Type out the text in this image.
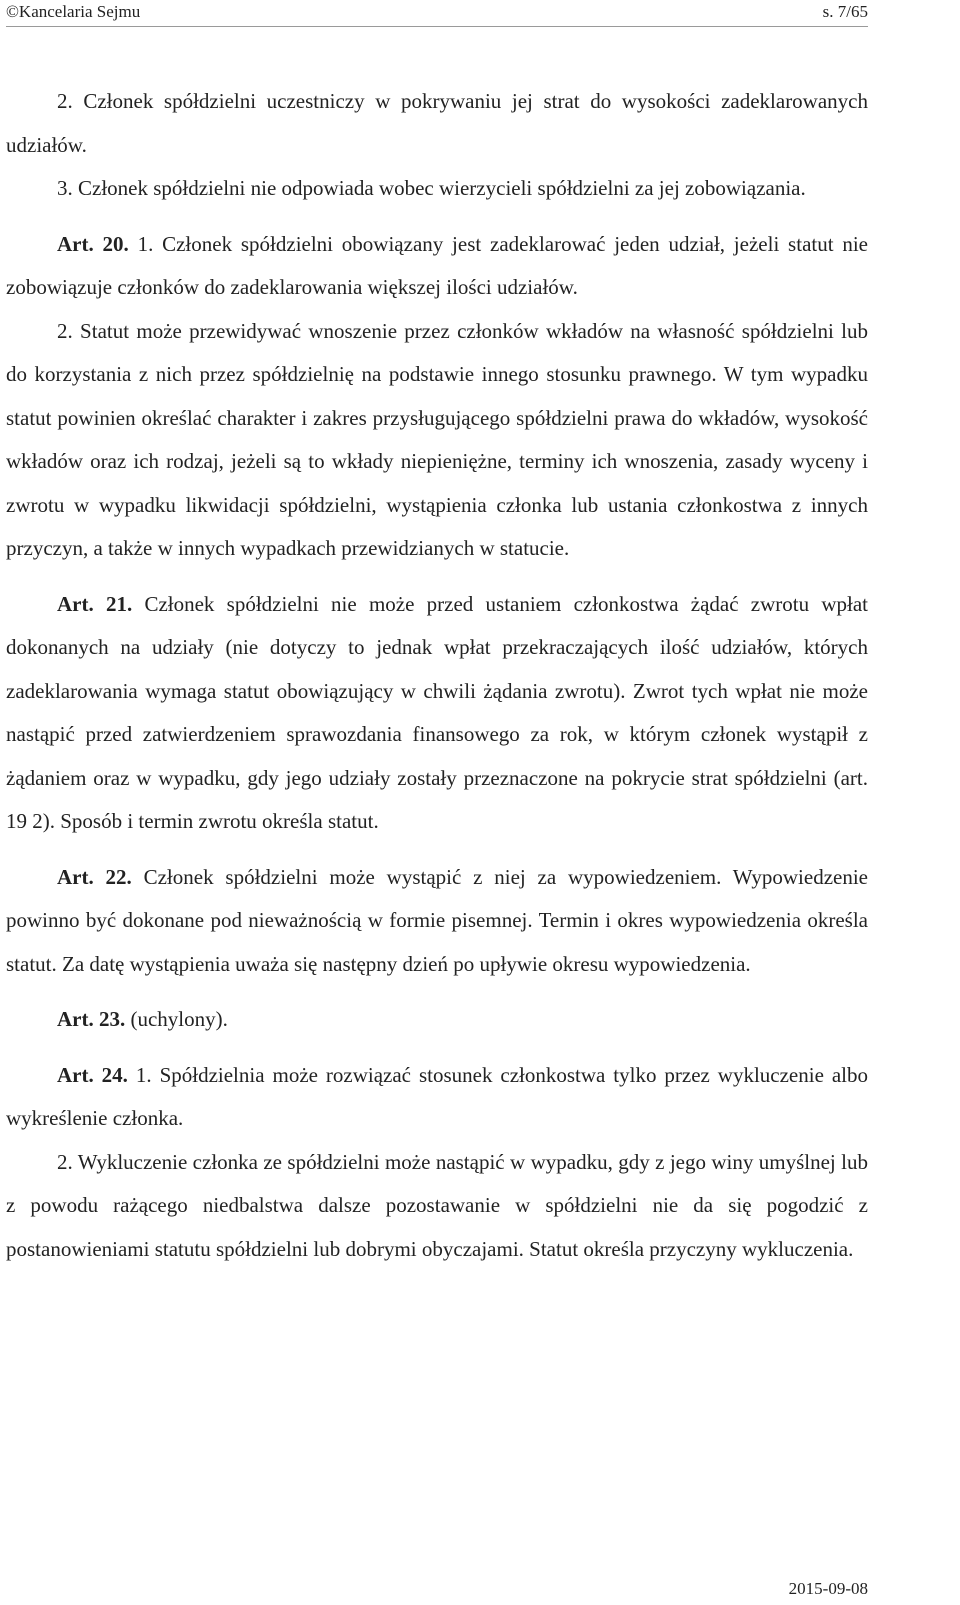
©Kancelaria Sejmu	s. 7/65

2. Członek spółdzielni uczestniczy w pokrywaniu jej strat do wysokości zadeklarowanych udziałów.

3. Członek spółdzielni nie odpowiada wobec wierzycieli spółdzielni za jej zobowiązania.

Art. 20. 1. Członek spółdzielni obowiązany jest zadeklarować jeden udział, jeżeli statut nie zobowiązuje członków do zadeklarowania większej ilości udziałów.

2. Statut może przewidywać wnoszenie przez członków wkładów na własność spółdzielni lub do korzystania z nich przez spółdzielnię na podstawie innego stosunku prawnego. W tym wypadku statut powinien określać charakter i zakres przysługującego spółdzielni prawa do wkładów, wysokość wkładów oraz ich rodzaj, jeżeli są to wkłady niepieniężne, terminy ich wnoszenia, zasady wyceny i zwrotu w wypadku likwidacji spółdzielni, wystąpienia członka lub ustania członkostwa z innych przyczyn, a także w innych wypadkach przewidzianych w statucie.

Art. 21. Członek spółdzielni nie może przed ustaniem członkostwa żądać zwrotu wpłat dokonanych na udziały (nie dotyczy to jednak wpłat przekraczających ilość udziałów, których zadeklarowania wymaga statut obowiązujący w chwili żądania zwrotu). Zwrot tych wpłat nie może nastąpić przed zatwierdzeniem sprawozdania finansowego za rok, w którym członek wystąpił z żądaniem oraz w wypadku, gdy jego udziały zostały przeznaczone na pokrycie strat spółdzielni (art. 19 2). Sposób i termin zwrotu określa statut.

Art. 22. Członek spółdzielni może wystąpić z niej za wypowiedzeniem. Wypowiedzenie powinno być dokonane pod nieważnością w formie pisemnej. Termin i okres wypowiedzenia określa statut. Za datę wystąpienia uważa się następny dzień po upływie okresu wypowiedzenia.

Art. 23. (uchylony).

Art. 24. 1. Spółdzielnia może rozwiązać stosunek członkostwa tylko przez wykluczenie albo wykreślenie członka.

2. Wykluczenie członka ze spółdzielni może nastąpić w wypadku, gdy z jego winy umyślnej lub z powodu rażącego niedbalstwa dalsze pozostawanie w spółdzielni nie da się pogodzić z postanowieniami statutu spółdzielni lub dobrymi obyczajami. Statut określa przyczyny wykluczenia.

2015-09-08
